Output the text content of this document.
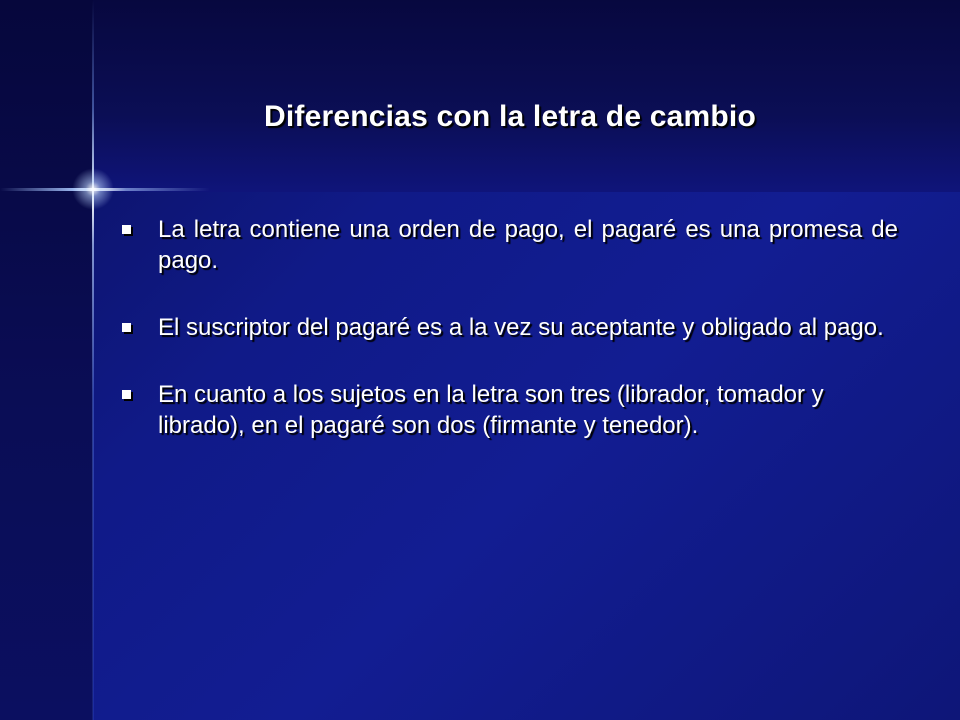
Diferencias con la letra de cambio
La letra contiene una orden de pago, el pagaré es una promesa de pago.
El suscriptor del pagaré es a la vez su aceptante y obligado al pago.
En cuanto a los sujetos en la letra son tres (librador, tomador y librado), en el pagaré son dos (firmante y tenedor).
